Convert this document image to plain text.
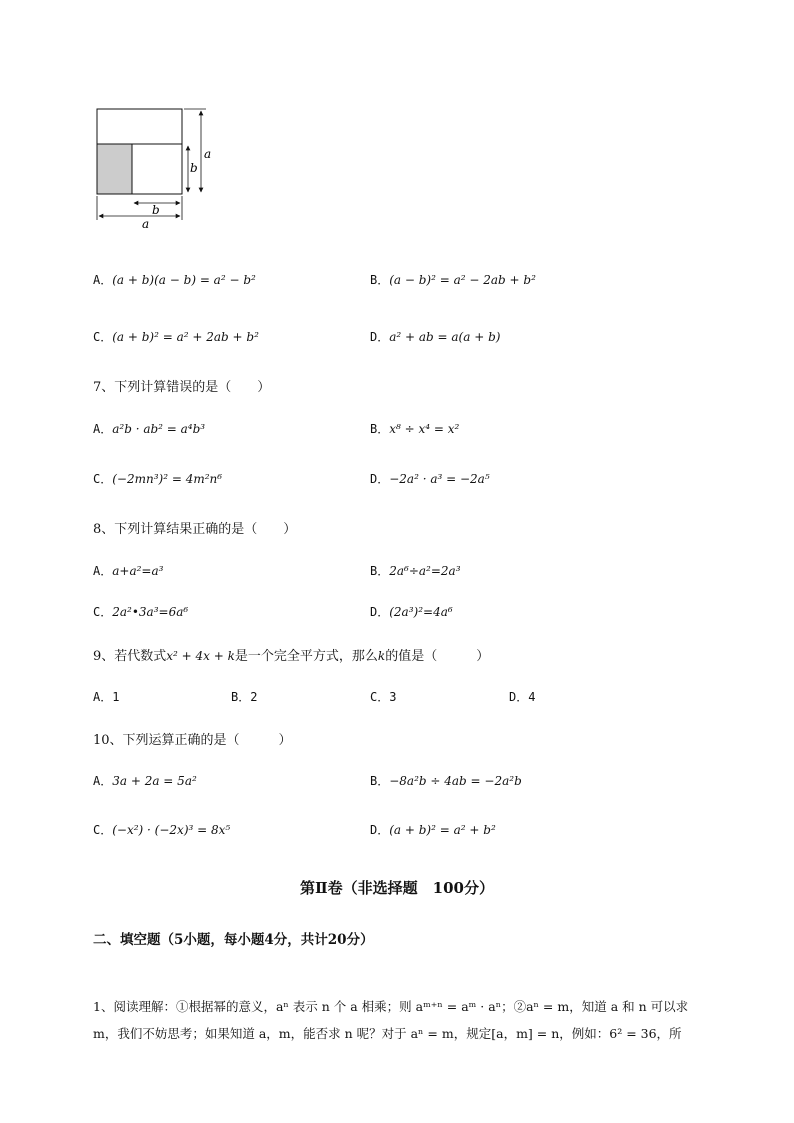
a
b
b
a
A．(a + b)(a − b) = a² − b²	B．(a − b)² = a² − 2ab + b²
C．(a + b)² = a² + 2ab + b²	D．a² + ab = a(a + b)
7、下列计算错误的是（　　）
A．a²b · ab² = a⁴b³	B．x⁸ ÷ x⁴ = x²
C．(−2mn³)² = 4m²n⁶	D．−2a² · a³ = −2a⁵
8、下列计算结果正确的是（　　）
A．a+a²=a³	B．2a⁶÷a²=2a³
C．2a²•3a³=6a⁶	D．(2a³)²=4a⁶
9、若代数式x² + 4x + k是一个完全平方式，那么k的值是（　　　）
A．1	B．2	C．3	D．4
10、下列运算正确的是（　　　）
A．3a + 2a = 5a²	B．−8a²b ÷ 4ab = −2a²b
C．(−x²) · (−2x)³ = 8x⁵	D．(a + b)² = a² + b²
第Ⅱ卷（非选择题　100分）
二、填空题（5小题，每小题4分，共计20分）
1、阅读理解：①根据幂的意义，aⁿ 表示 n 个 a 相乘；则 aᵐ⁺ⁿ = aᵐ · aⁿ；②aⁿ = m，知道 a 和 n 可以求
m，我们不妨思考；如果知道 a，m，能否求 n 呢？对于 aⁿ = m，规定[a，m] = n，例如：6² = 36，所
